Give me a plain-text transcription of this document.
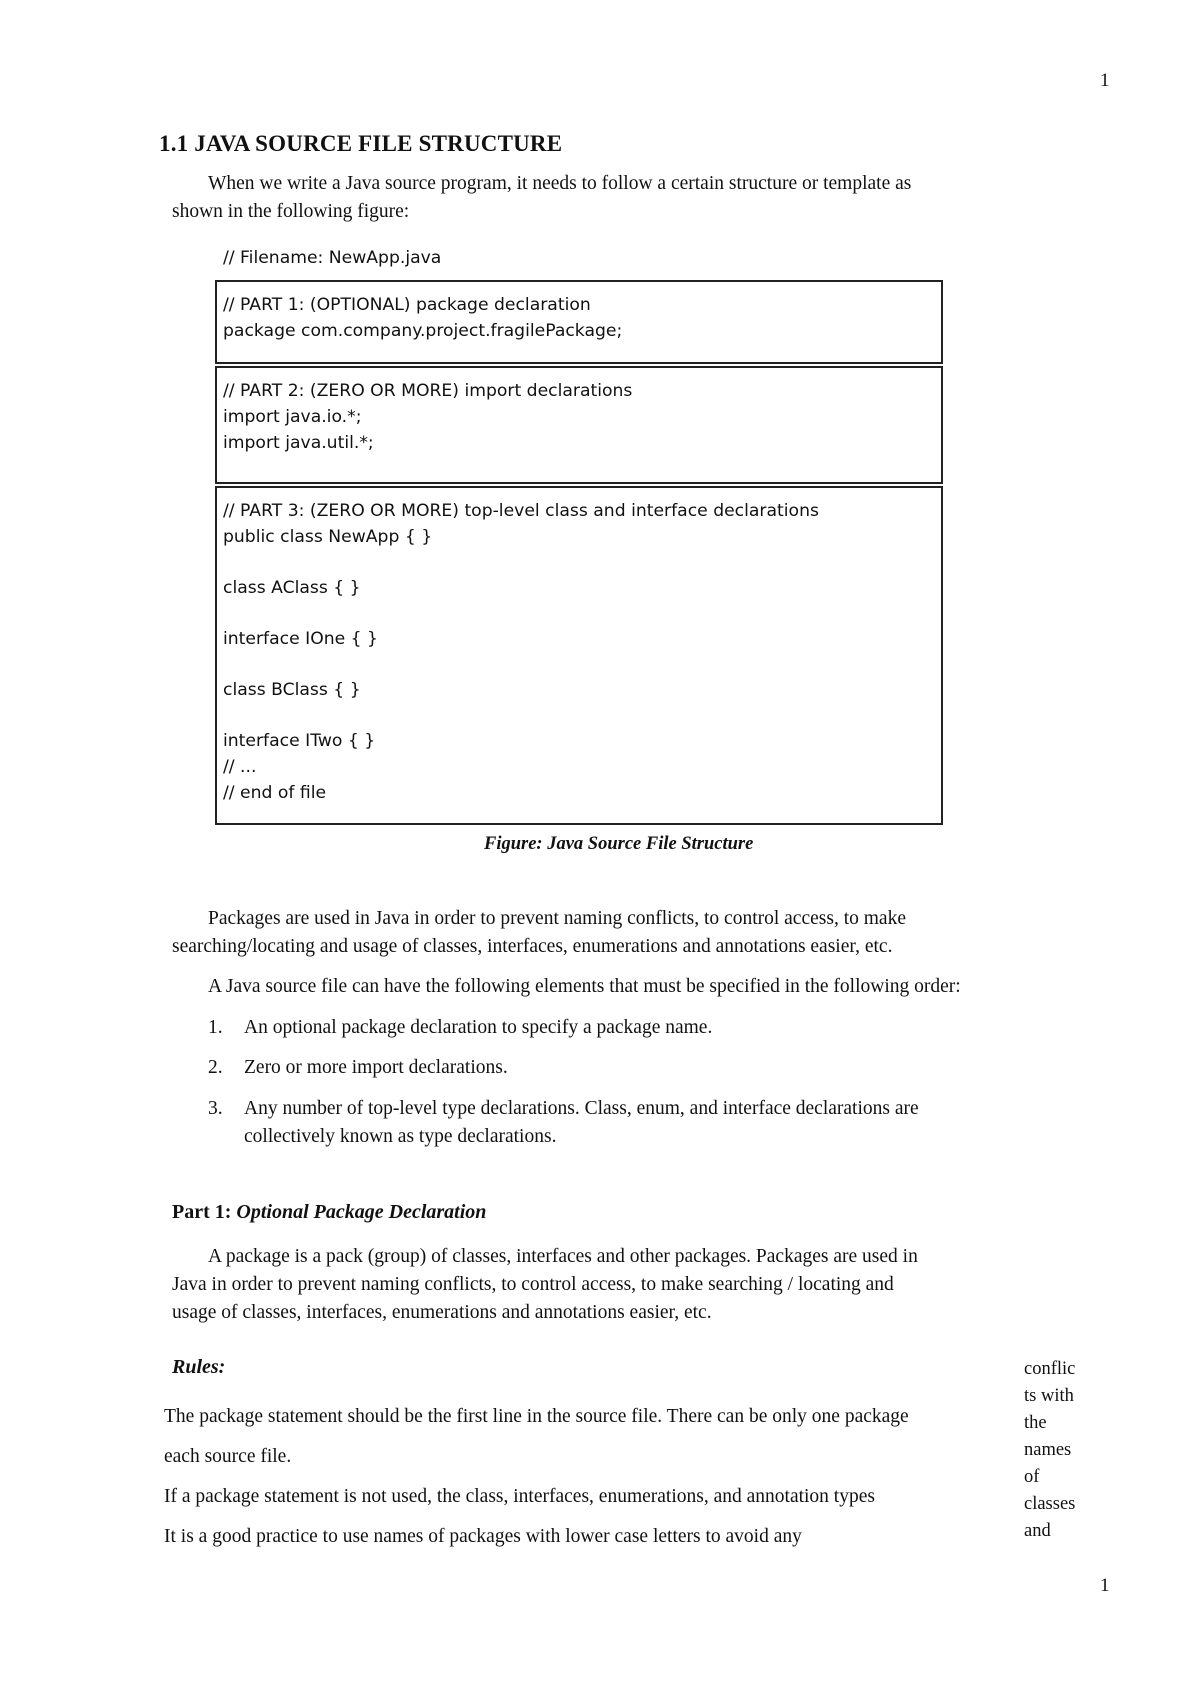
1
1
1.1 JAVA SOURCE FILE STRUCTURE
When we write a Java source program, it needs to follow a certain structure or template as
shown in the following figure:
// Filename: NewApp.java
// PART 1: (OPTIONAL) package declaration
package com.company.project.fragilePackage;
// PART 2: (ZERO OR MORE) import declarations
import java.io.*;
import java.util.*;
// PART 3: (ZERO OR MORE) top-level class and interface declarations
public class NewApp { }
class AClass { }
interface IOne { }
class BClass { }
interface ITwo { }
// ...
// end of file
Figure: Java Source File Structure
Packages are used in Java in order to prevent naming conflicts, to control access, to make
searching/locating and usage of classes, interfaces, enumerations and annotations easier, etc.
A Java source file can have the following elements that must be specified in the following order:
1. An optional package declaration to specify a package name.
2. Zero or more import declarations.
3. Any number of top-level type declarations. Class, enum, and interface declarations are
collectively known as type declarations.
Part 1: Optional Package Declaration
A package is a pack (group) of classes, interfaces and other packages. Packages are used in
Java in order to prevent naming conflicts, to control access, to make searching / locating and
usage of classes, interfaces, enumerations and annotations easier, etc.
Rules:
The package statement should be the first line in the source file. There can be only one package
each source file.
If a package statement is not used, the class, interfaces, enumerations, and annotation types
It is a good practice to use names of packages with lower case letters to avoid any
conflic
ts with
the
names
of
classes
and
